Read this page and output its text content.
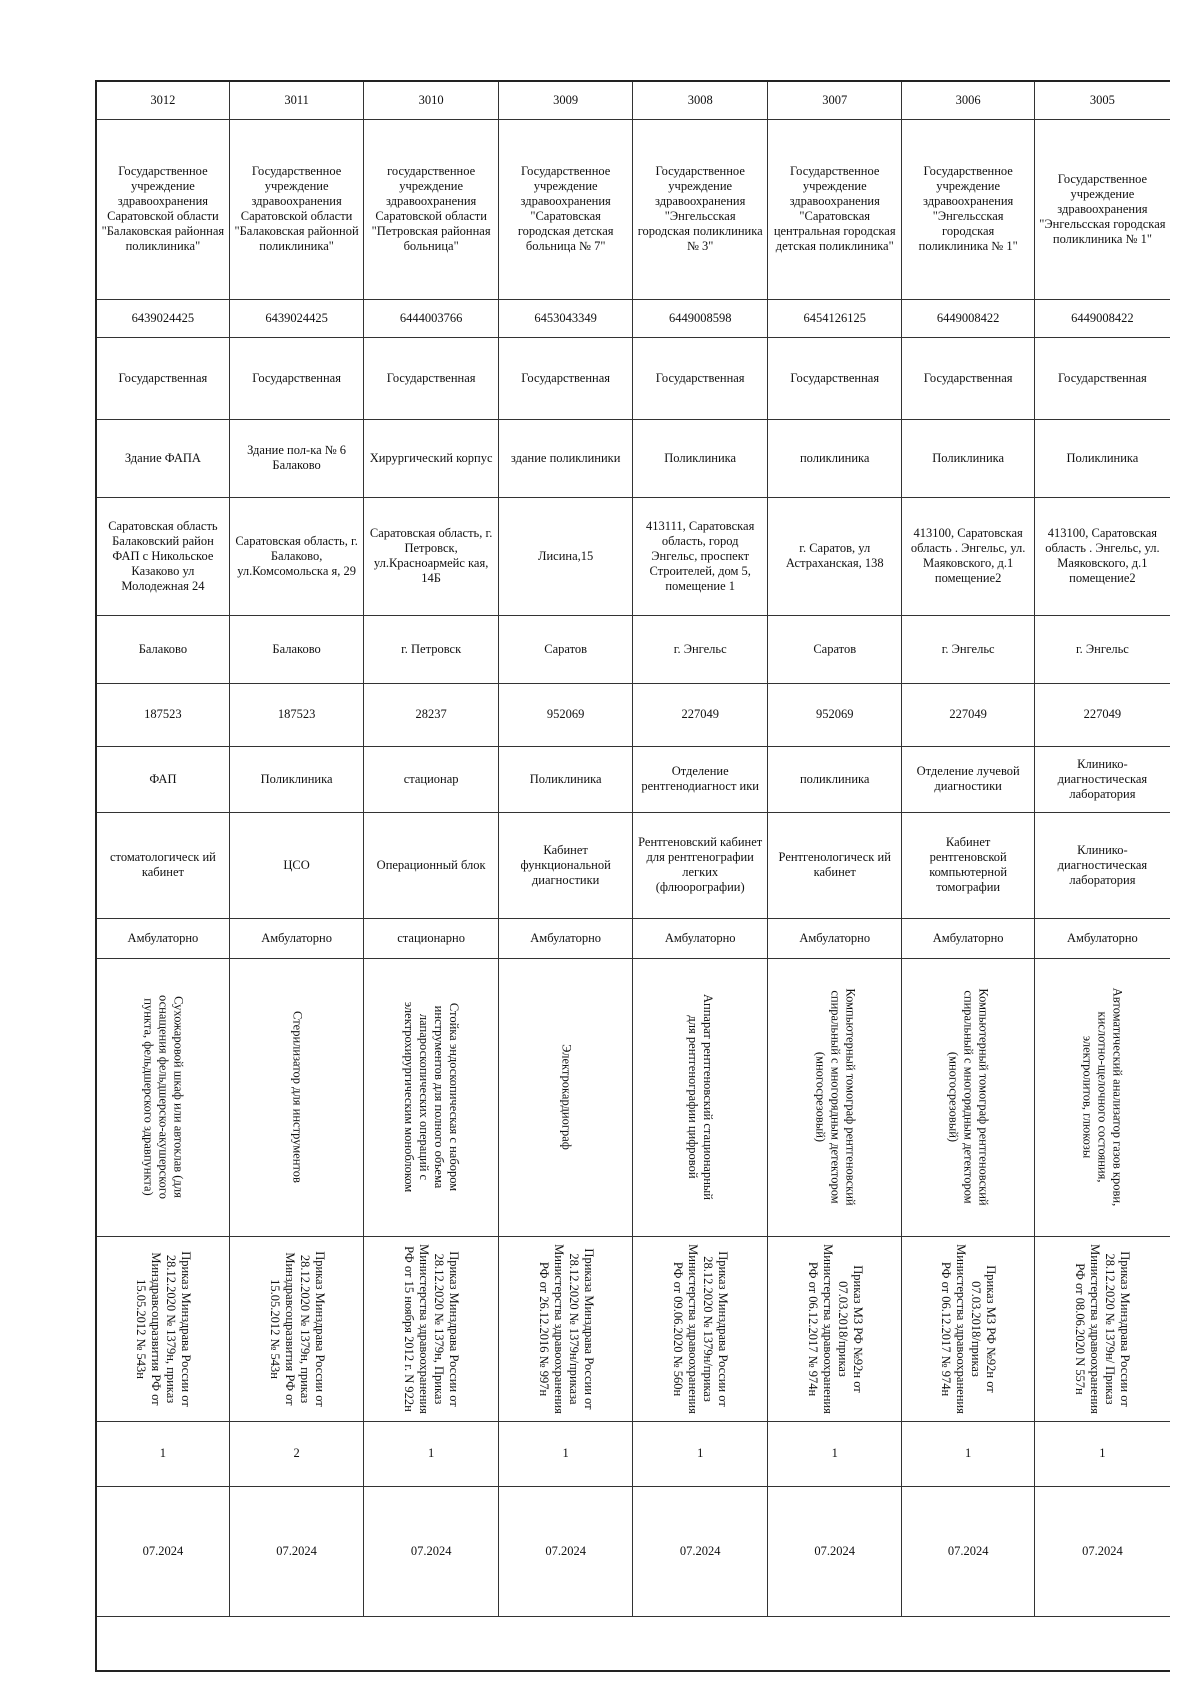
3012	3011	3010	3009	3008	3007	3006	3005
Государственное учреждение здравоохранения Саратовской области "Балаковская районная поликлиника"	Государственное учреждение здравоохранения Саратовской области "Балаковская районной поликлиника"	государственное учреждение здравоохранения Саратовской области "Петровская районная больница"	Государственное учреждение здравоохранения "Саратовская городская детская больница № 7"	Государственное учреждение здравоохранения "Энгельсская городская поликлиника № 3"	Государственное учреждение здравоохранения "Саратовская центральная городская детская поликлиника"	Государственное учреждение здравоохранения "Энгельсская городская поликлиника № 1"	Государственное учреждение здравоохранения "Энгельсская городская поликлиника № 1"
6439024425	6439024425	6444003766	6453043349	6449008598	6454126125	6449008422	6449008422
Государственная	Государственная	Государственная	Государственная	Государственная	Государственная	Государственная	Государственная
Здание ФАПА	Здание пол-ка № 6 Балаково	Хирургический корпус	здание поликлиники	Поликлиника	поликлиника	Поликлиника	Поликлиника
Саратовская область Балаковский район ФАП с Никольское Казаково ул Молодежная 24	Саратовская область, г. Балаково, ул.Комсомольска я, 29	Саратовская область, г. Петровск, ул.Красноармейс кая, 14Б	Лисина,15	413111, Саратовская область, город Энгельс, проспект Строителей, дом 5, помещение 1	г. Саратов, ул Астраханская, 138	413100, Саратовская область . Энгельс, ул. Маяковского, д.1 помещение2	413100, Саратовская область . Энгельс, ул. Маяковского, д.1 помещение2
Балаково	Балаково	г. Петровск	Саратов	г. Энгельс	Саратов	г. Энгельс	г. Энгельс
187523	187523	28237	952069	227049	952069	227049	227049
ФАП	Поликлиника	стационар	Поликлиника	Отделение рентгенодиагност ики	поликлиника	Отделение лучевой диагностики	Клинико-диагностическая лаборатория
стоматологическ ий кабинет	ЦСО	Операционный блок	Кабинет функциональной диагностики	Рентгеновский кабинет для рентгенографии легких (флюорографии)	Рентгенологическ ий кабинет	Кабинет рентгеновской компьютерной томографии	Клинико-диагностическая лаборатория
Амбулаторно	Амбулаторно	стационарно	Амбулаторно	Амбулаторно	Амбулаторно	Амбулаторно	Амбулаторно

Сухожаровой шкаф или автоклав (для оснащения фельдшерско-акушерского пункта, фельдшерского здравпункта)	Стерилизатор для инструментов	Стойка эндоскопическая с набором инструментов для полного объема лапароскопических операций с электрохирургическим моноблоком	Электрокардиограф	Аппарат рентгеновский стационарный для рентгенографии цифровой	Компьютерный томограф рентгеновский спиральный с многорядным детектором (многосрезовый)	Компьютерный томограф рентгеновский спиральный с многорядным детектором (многосрезовый)	Автоматический анализатор газов крови, кислотно-щелочного состояния, электролитов, глюкозы

Приказ Минздрава России от 28.12.2020 № 1379н, приказ Минздравсоцразвития РФ от 15.05.2012 № 543н	Приказ Минздрава России от 28.12.2020 № 1379н, приказ Минздравсоцразвития РФ от 15.05.2012 № 543н	Приказ Минздрава России от 28.12.2020 № 1379н, Приказ Министерства здравоохранения РФ от 15 ноября 2012 г. N 922н	Приказа Минздрава России от 28.12.2020 № 1379н/приказа Министерства здравоохранения РФ от 26.12.2016 № 997н	Приказ Минздрава России от 28.12.2020 № 1379н/приказ Министерства здравоохранения РФ от 09.06.2020 № 560н	Приказ МЗ РФ №92н от 07.03.2018/приказ Министерства здравоохранения РФ от 06.12.2017 № 974н	Приказ МЗ РФ №92н от 07.03.2018/приказ Министерства здравоохранения РФ от 06.12.2017 № 974н	Приказ Минздрава России от 28.12.2020 № 1379н/ Приказ Министерства здравоохранения РФ от 08.06.2020 N 557н

1	2	1	1	1	1	1	1
07.2024	07.2024	07.2024	07.2024	07.2024	07.2024	07.2024	07.2024
